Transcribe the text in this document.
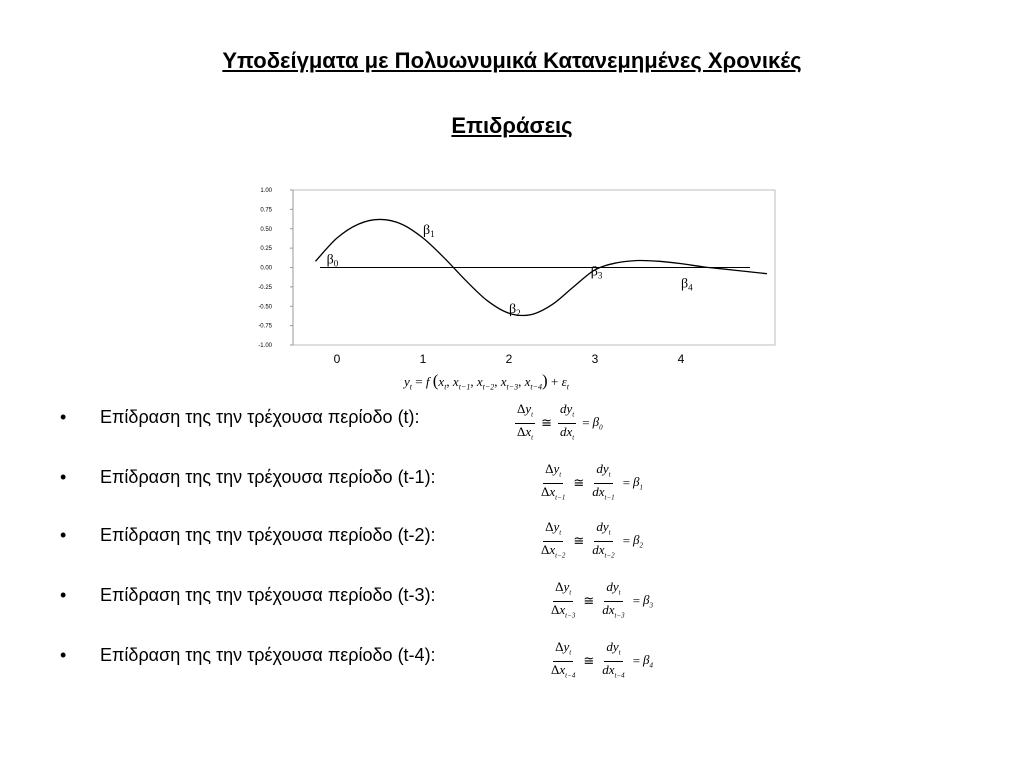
Υποδείγματα με Πολυωνυμικά Κατανεμημένες Χρονικές
Επιδράσεις
1.00
0.75
0.50
0.25
0.00
-0.25
-0.50
-0.75
-1.00
0	1	2	3	4
$\beta_0$
$\beta_1$
$\beta_2$
$\beta_3$
$\beta_4$
$y_t = f$ ($x_t$, $x_{t-1}$, $x_{t-2}$, $x_{t-3}$, $x_{t-4}) + \varepsilon_t$
• Επίδραση της την τρέχουσα περίοδο (t):	$\frac{\Delta y_t}{\Delta x_t}$ ≅ $\frac{dy_t}{dx_t} = \beta_0$
• Επίδραση της την τρέχουσα περίοδο (t-1):	$\frac{\Delta y_t}{\Delta x_{t-1}}$ ≅ $\frac{dy_t}{dx_{t-1}} = \beta_1$
• Επίδραση της την τρέχουσα περίοδο (t-2):	$\frac{\Delta y_t}{\Delta x_{t-2}}$ ≅ $\frac{dy_t}{dx_{t-2}} = \beta_2$
• Επίδραση της την τρέχουσα περίοδο (t-3):	$\frac{\Delta y_t}{\Delta x_{t-3}}$ ≅ $\frac{dy_t}{dx_{t-3}} = \beta_3$
• Επίδραση της την τρέχουσα περίοδο (t-4):	$\frac{\Delta y_t}{\Delta x_{t-4}}$ ≅ $\frac{dy_t}{dx_{t-4}} = \beta_4$
